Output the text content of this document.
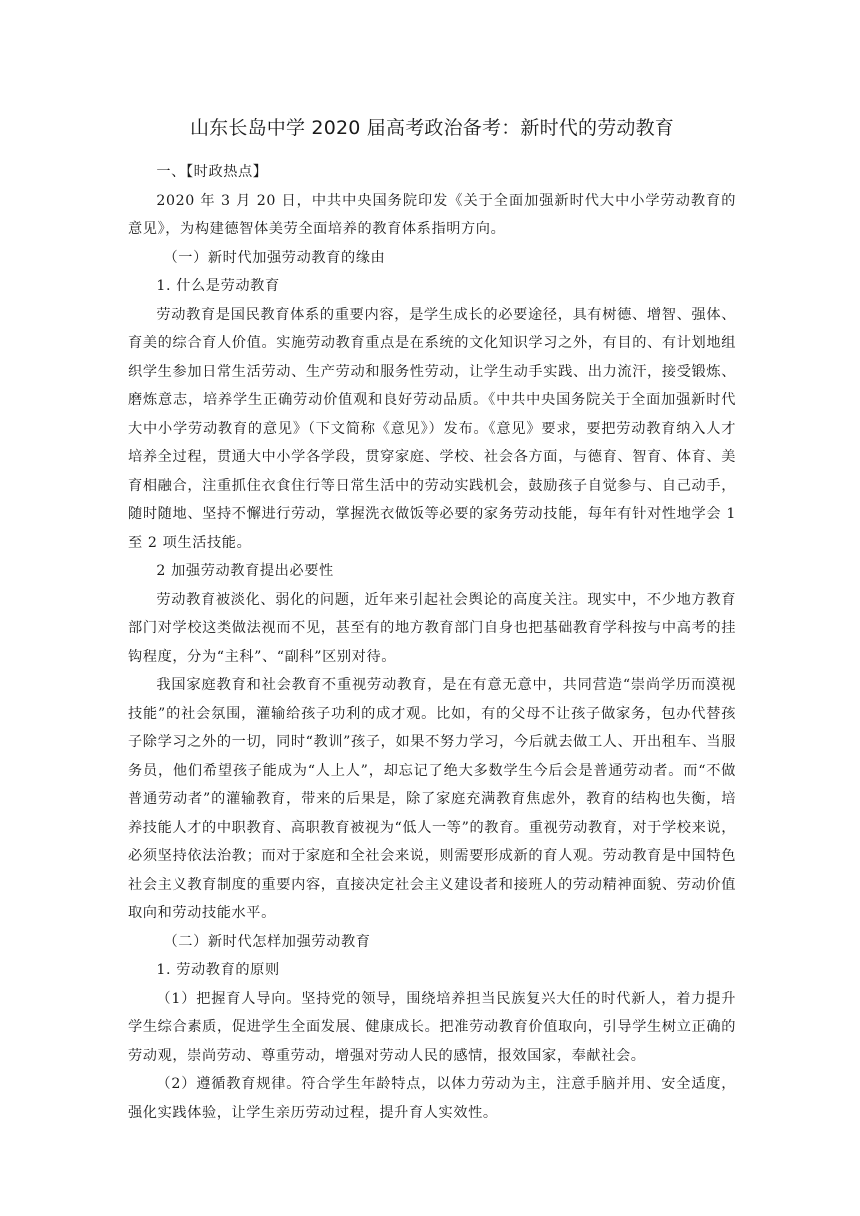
山东长岛中学 2020 届高考政治备考：新时代的劳动教育

一、【时政热点】

2020 年 3 月 20 日，中共中央国务院印发《关于全面加强新时代大中小学劳动教育的意见》，为构建德智体美劳全面培养的教育体系指明方向。

（一）新时代加强劳动教育的缘由

1. 什么是劳动教育

劳动教育是国民教育体系的重要内容，是学生成长的必要途径，具有树德、增智、强体、育美的综合育人价值。实施劳动教育重点是在系统的文化知识学习之外，有目的、有计划地组织学生参加日常生活劳动、生产劳动和服务性劳动，让学生动手实践、出力流汗，接受锻炼、磨炼意志，培养学生正确劳动价值观和良好劳动品质。《中共中央国务院关于全面加强新时代大中小学劳动教育的意见》（下文简称《意见》）发布。《意见》要求，要把劳动教育纳入人才培养全过程，贯通大中小学各学段，贯穿家庭、学校、社会各方面，与德育、智育、体育、美育相融合，注重抓住衣食住行等日常生活中的劳动实践机会，鼓励孩子自觉参与、自己动手，随时随地、坚持不懈进行劳动，掌握洗衣做饭等必要的家务劳动技能，每年有针对性地学会 1 至 2 项生活技能。

2 加强劳动教育提出必要性

劳动教育被淡化、弱化的问题，近年来引起社会舆论的高度关注。现实中，不少地方教育部门对学校这类做法视而不见，甚至有的地方教育部门自身也把基础教育学科按与中高考的挂钩程度，分为“主科”、“副科”区别对待。

我国家庭教育和社会教育不重视劳动教育，是在有意无意中，共同营造“崇尚学历而漠视技能”的社会氛围，灌输给孩子功利的成才观。比如，有的父母不让孩子做家务，包办代替孩子除学习之外的一切，同时“教训”孩子，如果不努力学习，今后就去做工人、开出租车、当服务员，他们希望孩子能成为“人上人”，却忘记了绝大多数学生今后会是普通劳动者。而“不做普通劳动者”的灌输教育，带来的后果是，除了家庭充满教育焦虑外，教育的结构也失衡，培养技能人才的中职教育、高职教育被视为“低人一等”的教育。重视劳动教育，对于学校来说，必须坚持依法治教；而对于家庭和全社会来说，则需要形成新的育人观。劳动教育是中国特色社会主义教育制度的重要内容，直接决定社会主义建设者和接班人的劳动精神面貌、劳动价值取向和劳动技能水平。

（二）新时代怎样加强劳动教育

1. 劳动教育的原则

（1）把握育人导向。坚持党的领导，围绕培养担当民族复兴大任的时代新人，着力提升学生综合素质，促进学生全面发展、健康成长。把准劳动教育价值取向，引导学生树立正确的劳动观，崇尚劳动、尊重劳动，增强对劳动人民的感情，报效国家，奉献社会。

（2）遵循教育规律。符合学生年龄特点，以体力劳动为主，注意手脑并用、安全适度，强化实践体验，让学生亲历劳动过程，提升育人实效性。
